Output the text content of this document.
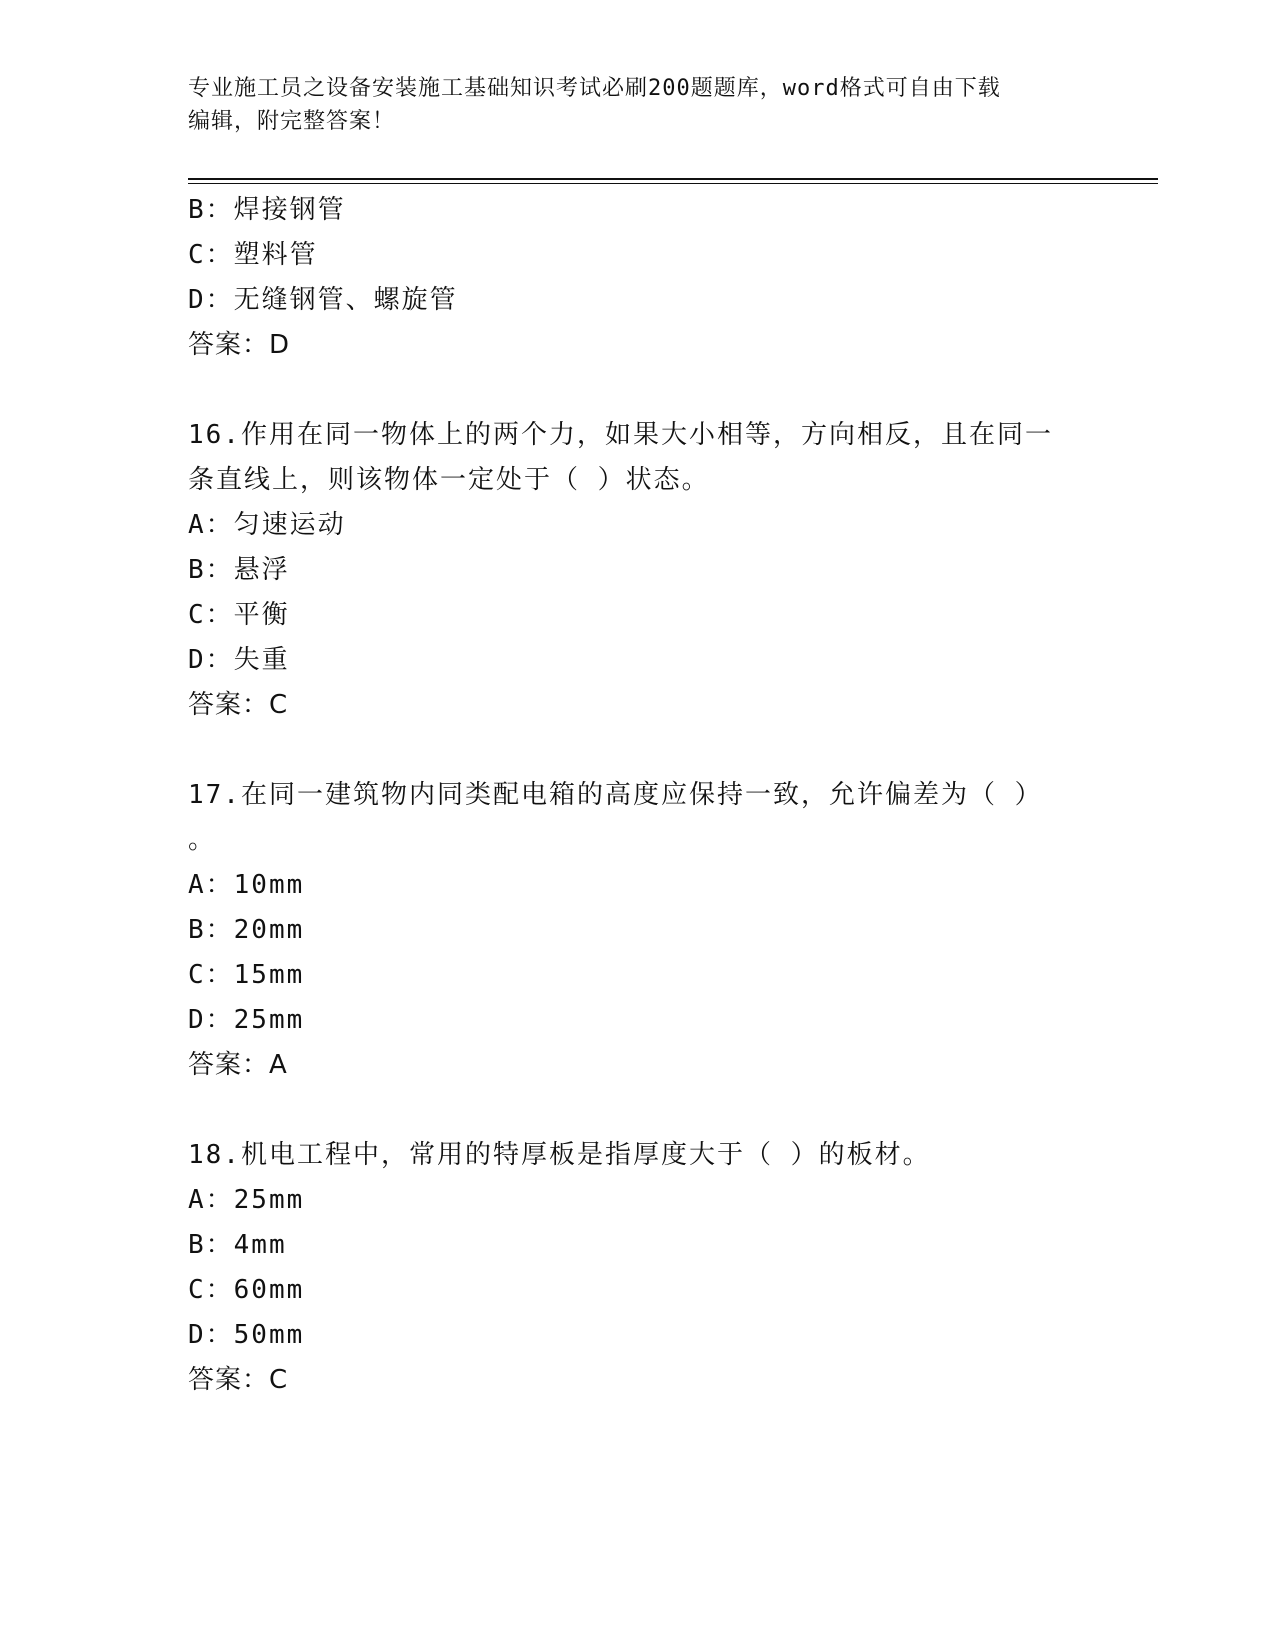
专业施工员之设备安装施工基础知识考试必刷200题题库，word格式可自由下载
编辑，附完整答案！
B：焊接钢管
C：塑料管
D：无缝钢管、螺旋管
答案：D
16.作用在同一物体上的两个力，如果大小相等，方向相反，且在同一
条直线上，则该物体一定处于（ ）状态。
A：匀速运动
B：悬浮
C：平衡
D：失重
答案：C
17.在同一建筑物内同类配电箱的高度应保持一致，允许偏差为（ ）
。
A：10mm
B：20mm
C：15mm
D：25mm
答案：A
18.机电工程中，常用的特厚板是指厚度大于（ ）的板材。
A：25mm
B：4mm
C：60mm
D：50mm
答案：C
